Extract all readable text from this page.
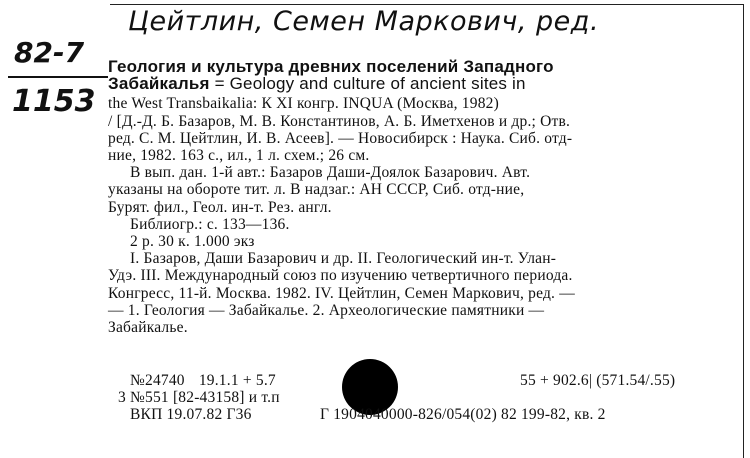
Цейтлин, Семен Маркович, ред.
82-7
1153
Геология и культура древних поселений Западного
Забайкалья = Geology and culture of ancient sites in
the West Transbaikalia: К XI конгр. INQUA (Москва, 1982)
/ [Д.-Д. Б. Базаров, М. В. Константинов, А. Б. Иметхенов и др.; Отв.
ред. С. М. Цейтлин, И. В. Асеев]. — Новосибирск : Наука. Сиб. отд-
ние, 1982. 163 с., ил., 1 л. схем.; 26 см.
В вып. дан. 1-й авт.: Базаров Даши-Доялок Базарович. Авт.
указаны на обороте тит. л. В надзаг.: АН СССР, Сиб. отд-ние,
Бурят. фил., Геол. ин-т. Рез. англ.
Библиогр.: с. 133—136.
2 р. 30 к. 1.000 экз
I. Базаров, Даши Базарович и др. II. Геологический ин-т. Улан-
Удэ. III. Международный союз по изучению четвертичного периода.
Конгресс, 11-й. Москва. 1982. IV. Цейтлин, Семен Маркович, ред. —
— 1. Геология — Забайкалье. 2. Археологические памятники —
Забайкалье.
№24740 19.1.1 + 5.7	55 + 902.6| (571.54/.55)
3 №551 [82-43158] и т.п
ВКП 19.07.82 Г36	Г 1904040000-826/054(02) 82 199-82, кв. 2
